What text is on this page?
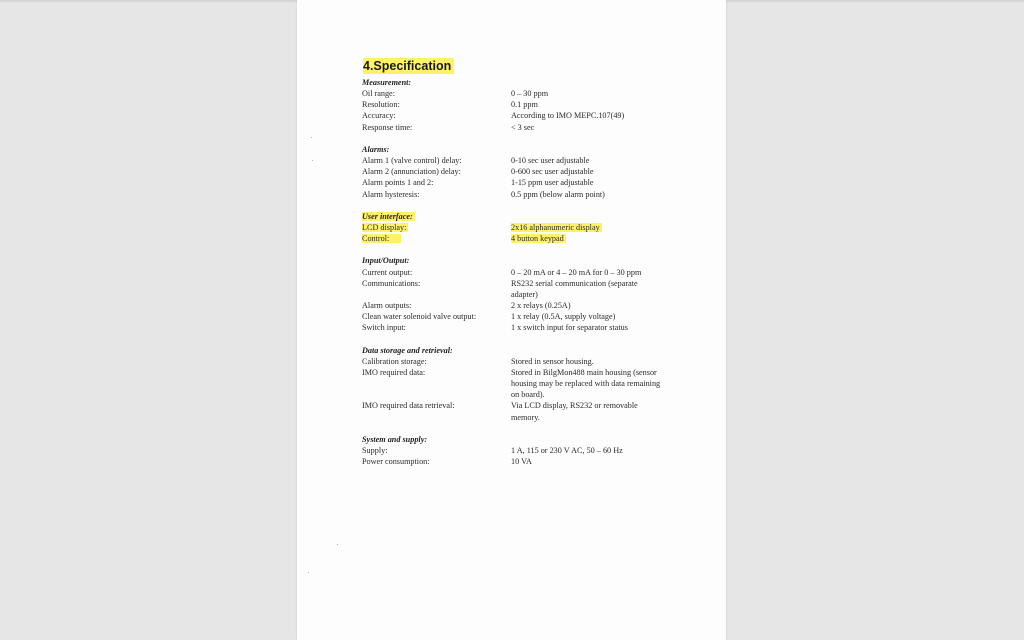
4.Specification
Measurement:
Oil range:	0 – 30 ppm
Resolution:	0.1 ppm
Accuracy:	According to IMO MEPC.107(49)
Response time:	< 3 sec
Alarms:
Alarm 1 (valve control) delay:	0-10 sec user adjustable
Alarm 2 (annunciation) delay:	0-600 sec user adjustable
Alarm points 1 and 2:	1-15 ppm user adjustable
Alarm hysteresis:	0.5 ppm (below alarm point)
User interface:
LCD display:	2x16 alphanumeric display
Control:	4 button keypad
Input/Output:
Current output:	0 – 20 mA or 4 – 20 mA for 0 – 30 ppm
Communications:	RS232 serial communication (separate adapter)
Alarm outputs:	2 x relays (0.25A)
Clean water solenoid valve output:	1 x relay (0.5A, supply voltage)
Switch input:	1 x switch input for separator status
Data storage and retrieval:
Calibration storage:	Stored in sensor housing.
IMO required data:	Stored in BilgMon488 main housing (sensor housing may be replaced with data remaining on board).
IMO required data retrieval:	Via LCD display, RS232 or removable memory.
System and supply:
Supply:	1 A, 115 or 230 V AC, 50 – 60 Hz
Power consumption:	10 VA
